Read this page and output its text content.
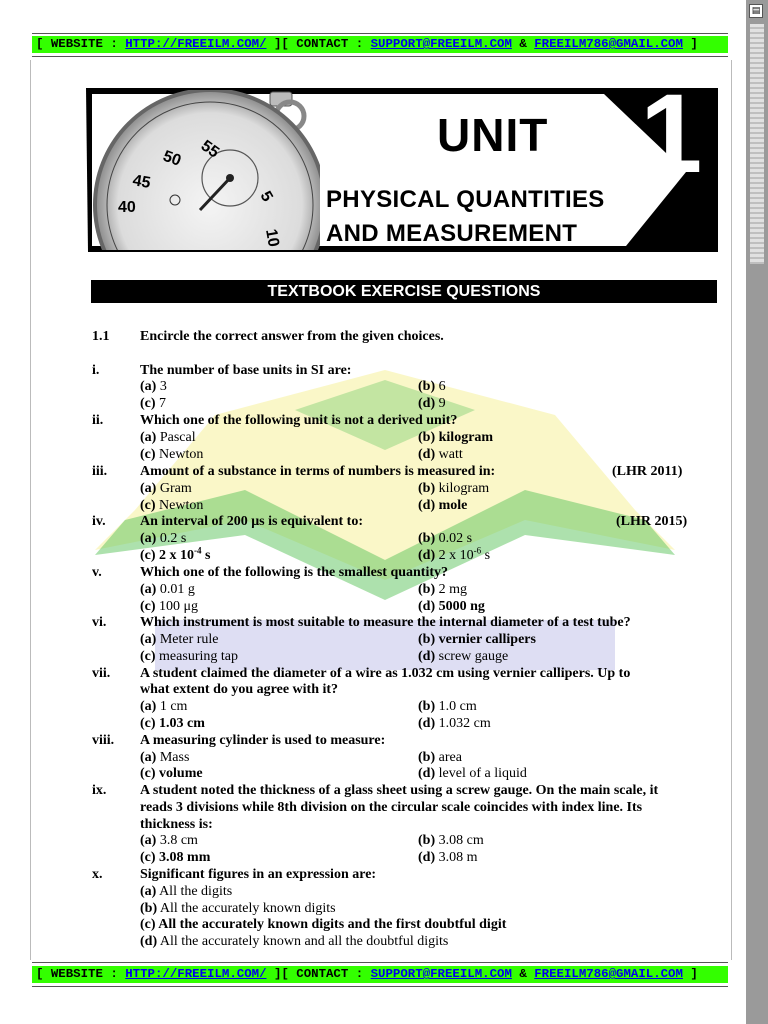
▤
[ WEBSITE : HTTP://FREEILM.COM/ ][ CONTACT : SUPPORT@FREEILM.COM & FREEILM786@GMAIL.COM ]
50 55
45
40
5
10
UNIT 1
PHYSICAL QUANTITIES
AND MEASUREMENT
TEXTBOOK EXERCISE QUESTIONS
1.1 Encircle the correct answer from the given choices.
i.	The number of base units in SI are:
(a) 3	(b) 6
(c) 7	(d) 9
ii.	Which one of the following unit is not a derived unit?
(a) Pascal	(b) kilogram
(c) Newton	(d) watt
iii. Amount of a substance in terms of numbers is measured in:	(LHR 2011)
(a) Gram	(b) kilogram
(c) Newton	(d) mole
iv. An interval of 200 μs is equivalent to:	(LHR 2015)
(a) 0.2 s	(b) 0.02 s
(c) 2 x $10^{-4}$ s	(d) 2 x $10^{-6}$ s
v.	Which one of the following is the smallest quantity?
(a) 0.01 g	(b) 2 mg
(c) 100 μg	(d) 5000 ng
vi. Which instrument is most suitable to measure the internal diameter of a test tube?
(a) Meter rule	(b) vernier callipers
(c) measuring tap	(d) screw gauge
vii. A student claimed the diameter of a wire as 1.032 cm using vernier callipers. Up to
what extent do you agree with it?
(a) 1 cm	(b) 1.0 cm
(c) 1.03 cm	(d) 1.032 cm
viii. A measuring cylinder is used to measure:
(a) Mass	(b) area
(c) volume	(d) level of a liquid
ix. A student noted the thickness of a glass sheet using a screw gauge. On the main scale, it
reads 3 divisions while 8th division on the circular scale coincides with index line. Its
thickness is:
(a) 3.8 cm	(b) 3.08 cm
(c) 3.08 mm	(d) 3.08 m
x.	Significant figures in an expression are:
(a) All the digits
(b) All the accurately known digits
(c) All the accurately known digits and the first doubtful digit
(d) All the accurately known and all the doubtful digits
[ WEBSITE : HTTP://FREEILM.COM/ ][ CONTACT : SUPPORT@FREEILM.COM & FREEILM786@GMAIL.COM ]
